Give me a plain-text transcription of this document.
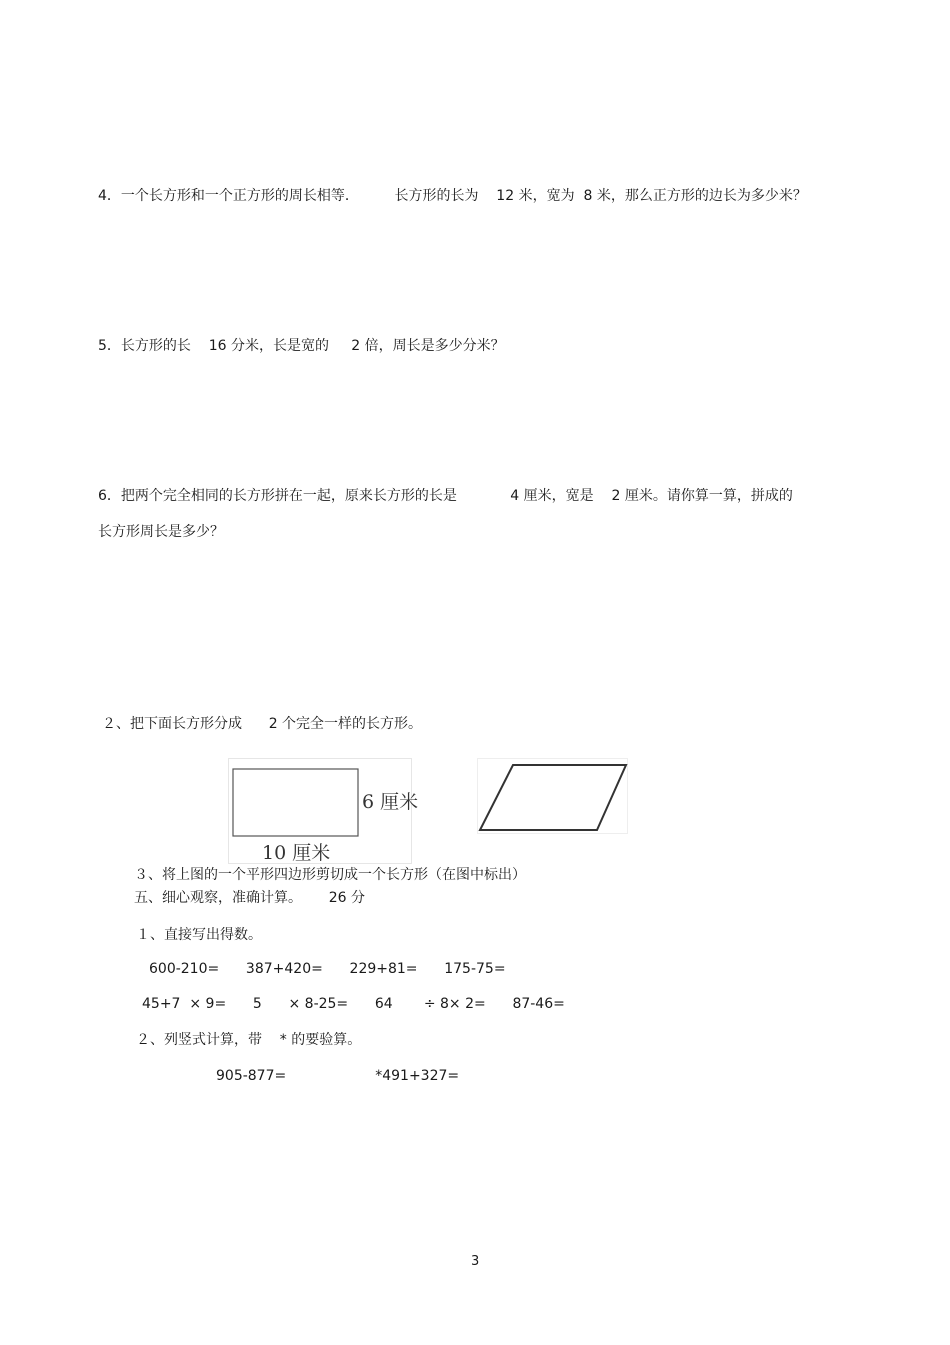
4．一个长方形和一个正方形的周长相等．        长方形的长为    12 米，宽为  8 米，那么正方形的边长为多少米？
5．长方形的长    16 分米，长是宽的     2 倍，周长是多少分米？
6．把两个完全相同的长方形拼在一起，原来长方形的长是            4 厘米，宽是    2 厘米。请你算一算，拼成的
长方形周长是多少？
２、把下面长方形分成      2 个完全一样的长方形。
6 厘米
10 厘米
３、将上图的一个平形四边形剪切成一个长方形（在图中标出）
五、细心观察，准确计算。      26 分
１、直接写出得数。
600-210=      387+420=      229+81=      175-75=
45+7  × 9=      5      × 8-25=      64       ÷ 8× 2=      87-46=
２、列竖式计算，带    * 的要验算。
905-877=                    *491+327=
3
